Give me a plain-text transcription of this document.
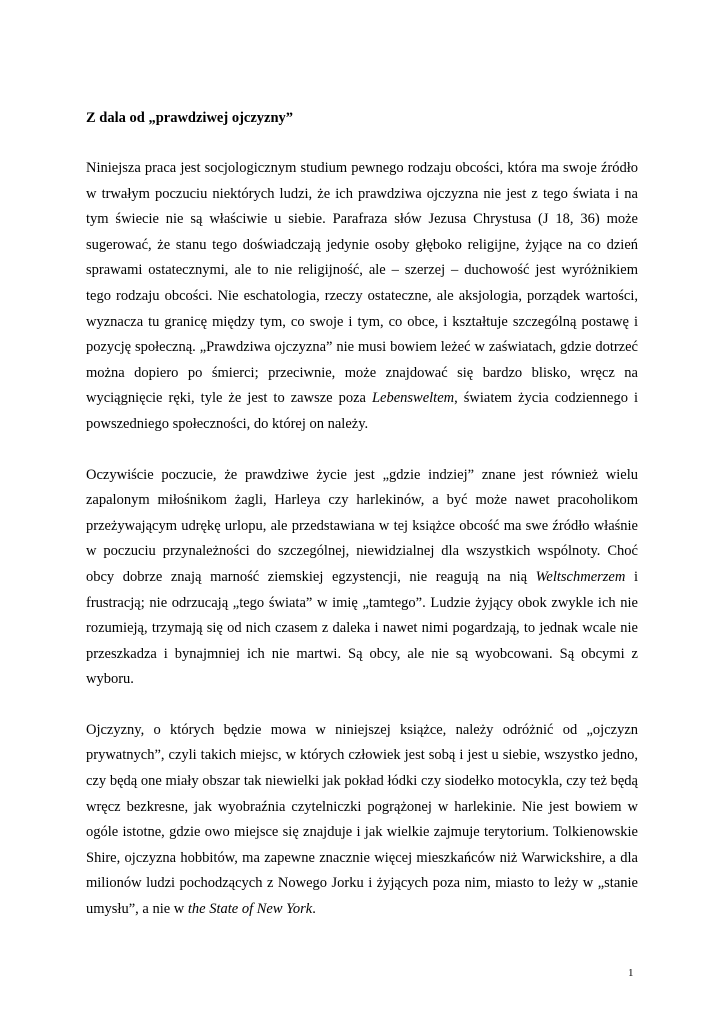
Z dala od „prawdziwej ojczyzny”

Niniejsza praca jest socjologicznym studium pewnego rodzaju obcości, która ma swoje źródło w trwałym poczuciu niektórych ludzi, że ich prawdziwa ojczyzna nie jest z tego świata i na tym świecie nie są właściwie u siebie. Parafraza słów Jezusa Chrystusa (J 18, 36) może sugerować, że stanu tego doświadczają jedynie osoby głęboko religijne, żyjące na co dzień sprawami ostatecznymi, ale to nie religijność, ale – szerzej – duchowość jest wyróżnikiem tego rodzaju obcości. Nie eschatologia, rzeczy ostateczne, ale aksjologia, porządek wartości, wyznacza tu granicę między tym, co swoje i tym, co obce, i kształtuje szczególną postawę i pozycję społeczną. „Prawdziwa ojczyzna” nie musi bowiem leżeć w zaświatach, gdzie dotrzeć można dopiero po śmierci; przeciwnie, może znajdować się bardzo blisko, wręcz na wyciągnięcie ręki, tyle że jest to zawsze poza Lebensweltem, światem życia codziennego i powszedniego społeczności, do której on należy.

Oczywiście poczucie, że prawdziwe życie jest „gdzie indziej” znane jest również wielu zapalonym miłośnikom żagli, Harleya czy harlekinów, a być może nawet pracoholikom przeżywającym udrękę urlopu, ale przedstawiana w tej książce obcość ma swe źródło właśnie w poczuciu przynależności do szczególnej, niewidzialnej dla wszystkich wspólnoty. Choć obcy dobrze znają marność ziemskiej egzystencji, nie reagują na nią Weltschmerzem i frustracją; nie odrzucają „tego świata” w imię „tamtego”. Ludzie żyjący obok zwykle ich nie rozumieją, trzymają się od nich czasem z daleka i nawet nimi pogardzają, to jednak wcale nie przeszkadza i bynajmniej ich nie martwi. Są obcy, ale nie są wyobcowani. Są obcymi z wyboru.

Ojczyzny, o których będzie mowa w niniejszej książce, należy odróżnić od „ojczyzn prywatnych”, czyli takich miejsc, w których człowiek jest sobą i jest u siebie, wszystko jedno, czy będą one miały obszar tak niewielki jak pokład łódki czy siodełko motocykla, czy też będą wręcz bezkresne, jak wyobraźnia czytelniczki pogrążonej w harlekinie. Nie jest bowiem w ogóle istotne, gdzie owo miejsce się znajduje i jak wielkie zajmuje terytorium. Tolkienowskie Shire, ojczyzna hobbitów, ma zapewne znacznie więcej mieszkańców niż Warwickshire, a dla milionów ludzi pochodzących z Nowego Jorku i żyjących poza nim, miasto to leży w „stanie umysłu”, a nie w the State of New York.

1
